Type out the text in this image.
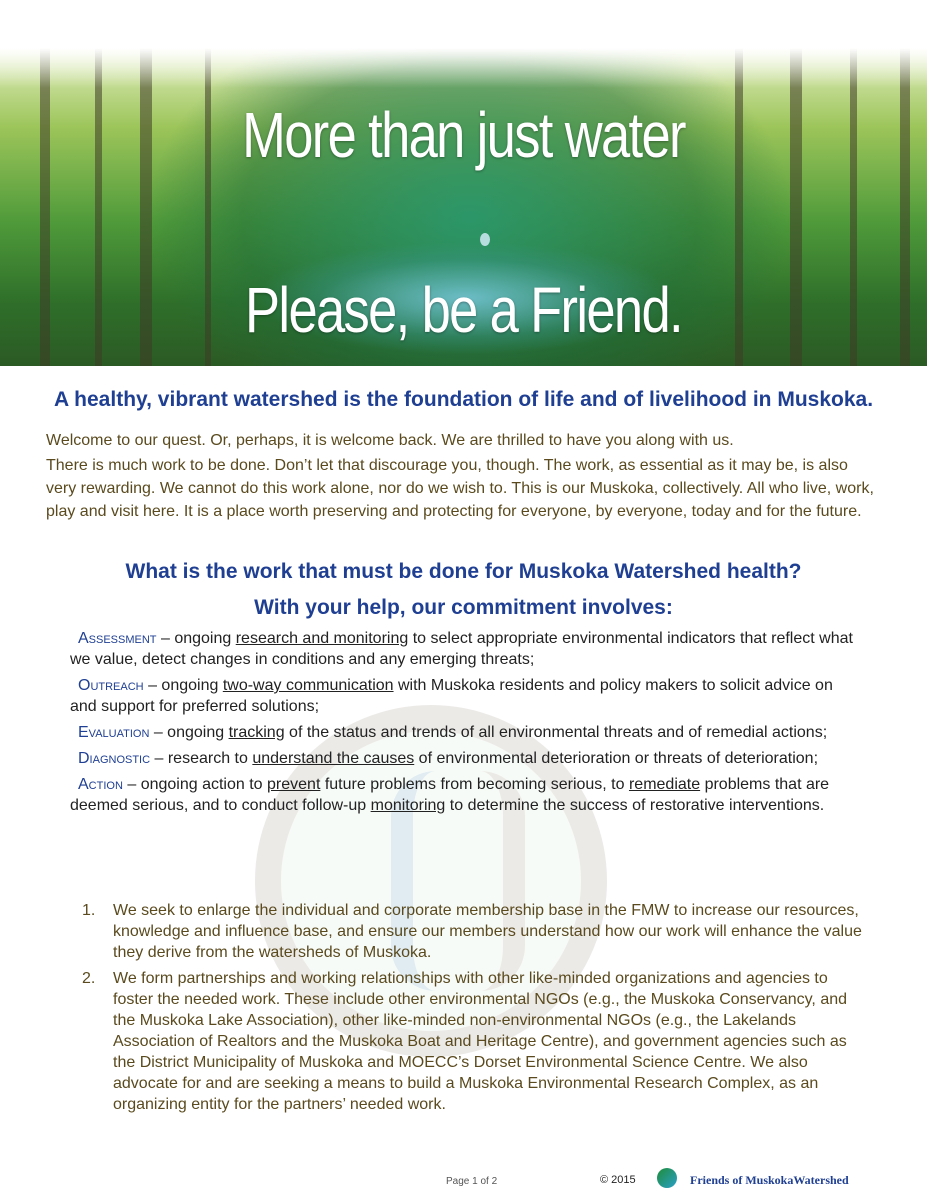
More than just water
Please, be a Friend.

A healthy, vibrant watershed is the foundation of life and of livelihood in Muskoka.

Welcome to our quest. Or, perhaps, it is welcome back. We are thrilled to have you along with us.

There is much work to be done. Don’t let that discourage you, though. The work, as essential as it may be, is also very rewarding. We cannot do this work alone, nor do we wish to. This is our Muskoka, collectively. All who live, work, play and visit here. It is a place worth preserving and protecting for everyone, by everyone, today and for the future.

What is the work that must be done for Muskoka Watershed health?

With your help, our commitment involves:

Assessment – ongoing research and monitoring to select appropriate environmental indicators that reflect what we value, detect changes in conditions and any emerging threats;

Outreach – ongoing two-way communication with Muskoka residents and policy makers to solicit advice on and support for preferred solutions;

Evaluation – ongoing tracking of the status and trends of all environmental threats and of remedial actions;

Diagnostic – research to understand the causes of environmental deterioration or threats of deterioration;

Action – ongoing action to prevent future problems from becoming serious, to remediate problems that are deemed serious, and to conduct follow-up monitoring to determine the success of restorative interventions.

1. We seek to enlarge the individual and corporate membership base in the FMW to increase our resources, knowledge and influence base, and ensure our members understand how our work will enhance the value they derive from the watersheds of Muskoka.
2. We form partnerships and working relationships with other like-minded organizations and agencies to foster the needed work. These include other environmental NGOs (e.g., the Muskoka Conservancy, and the Muskoka Lake Association), other like-minded non-environmental NGOs (e.g., the Lakelands Association of Realtors and the Muskoka Boat and Heritage Centre), and government agencies such as the District Municipality of Muskoka and MOECC’s Dorset Environmental Science Centre. We also advocate for and are seeking a means to build a Muskoka Environmental Research Complex, as an organizing entity for the partners’ needed work.
Page 1 of 2	© 2015	Friends of MuskokaWatershed
